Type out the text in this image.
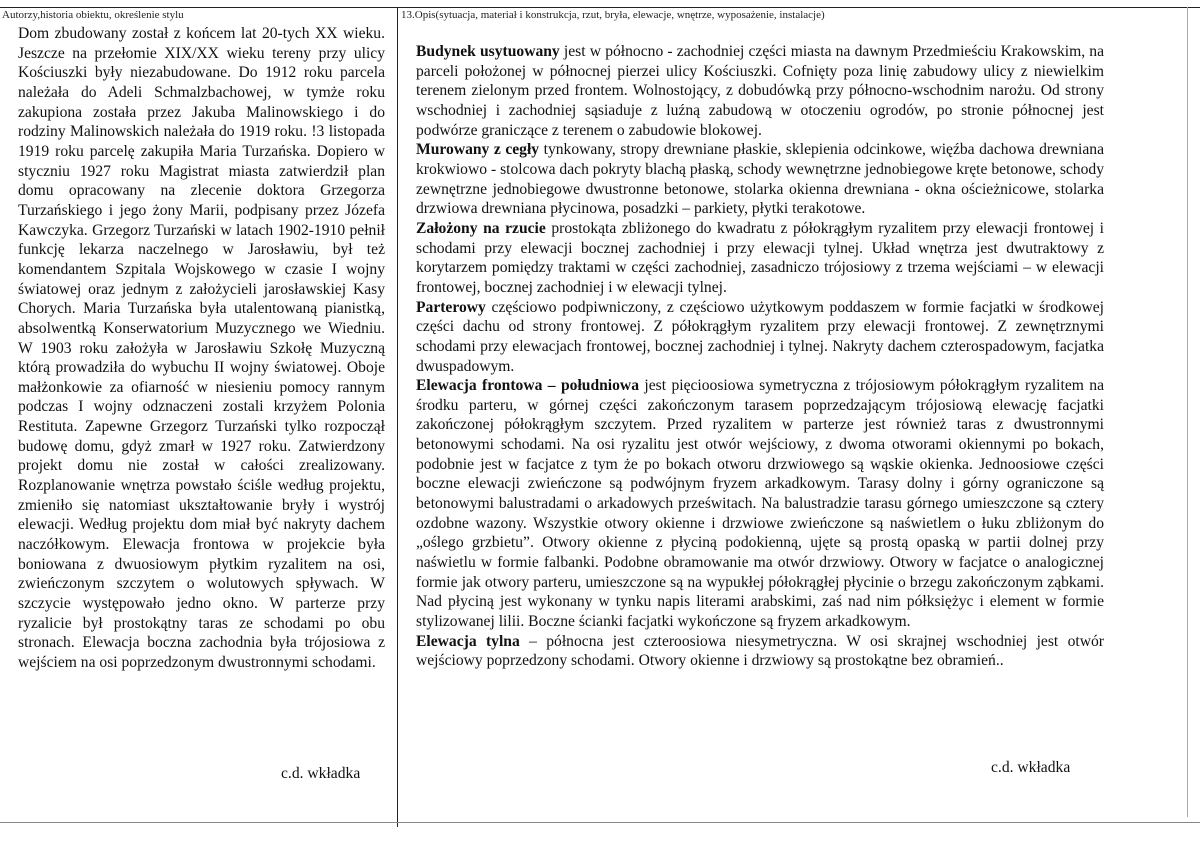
Autorzy,historia obiektu, określenie stylu	13.Opis(sytuacja, materiał i konstrukcja, rzut, bryła, elewacje, wnętrze, wyposażenie, instalacje)

Dom zbudowany został z końcem lat 20-tych XX wieku. Jeszcze na przełomie XIX/XX wieku tereny przy ulicy Kościuszki były niezabudowane. Do 1912 roku parcela należała do Adeli Schmalzbachowej, w tymże roku zakupiona została przez Jakuba Malinowskiego i do rodziny Malinowskich należała do 1919 roku. !3 listopada 1919 roku parcelę zakupiła Maria Turzańska. Dopiero w styczniu 1927 roku Magistrat miasta zatwierdził plan domu opracowany na zlecenie doktora Grzegorza Turzańskiego i jego żony Marii, podpisany przez Józefa Kawczyka. Grzegorz Turzański w latach 1902-1910 pełnił funkcję lekarza naczelnego w Jarosławiu, był też komendantem Szpitala Wojskowego w czasie I wojny światowej oraz jednym z założycieli jarosławskiej Kasy Chorych. Maria Turzańska była utalentowaną pianistką, absolwentką Konserwatorium Muzycznego we Wiedniu. W 1903 roku założyła w Jarosławiu Szkołę Muzyczną którą prowadziła do wybuchu II wojny światowej. Oboje małżonkowie za ofiarność w niesieniu pomocy rannym podczas I wojny odznaczeni zostali krzyżem Polonia Restituta. Zapewne Grzegorz Turzański tylko rozpoczął budowę domu, gdyż zmarł w 1927 roku. Zatwierdzony projekt domu nie został w całości zrealizowany. Rozplanowanie wnętrza powstało ściśle według projektu, zmieniło się natomiast ukształtowanie bryły i wystrój elewacji. Według projektu dom miał być nakryty dachem naczółkowym. Elewacja frontowa w projekcie była boniowana z dwuosiowym płytkim ryzalitem na osi, zwieńczonym szczytem o wolutowych spływach. W szczycie występowało jedno okno. W parterze przy ryzalicie był prostokątny taras ze schodami po obu stronach. Elewacja boczna zachodnia była trójosiowa z wejściem na osi poprzedzonym dwustronnymi schodami.

Budynek usytuowany jest w północno - zachodniej części miasta na dawnym Przedmieściu Krakowskim, na parceli położonej w północnej pierzei ulicy Kościuszki. Cofnięty poza linię zabudowy ulicy z niewielkim terenem zielonym przed frontem. Wolnostojący, z dobudówką przy północno-wschodnim narożu. Od strony wschodniej i zachodniej sąsiaduje z luźną zabudową w otoczeniu ogrodów, po stronie północnej jest podwórze graniczące z terenem o zabudowie blokowej.

Murowany z cegły tynkowany, stropy drewniane płaskie, sklepienia odcinkowe, więźba dachowa drewniana krokwiowo - stolcowa dach pokryty blachą płaską, schody wewnętrzne jednobiegowe kręte betonowe, schody zewnętrzne jednobiegowe dwustronne betonowe, stolarka okienna drewniana - okna ościeżnicowe, stolarka drzwiowa drewniana płycinowa, posadzki – parkiety, płytki terakotowe.

Założony na rzucie prostokąta zbliżonego do kwadratu z półokrągłym ryzalitem przy elewacji frontowej i schodami przy elewacji bocznej zachodniej i przy elewacji tylnej. Układ wnętrza jest dwutraktowy z korytarzem pomiędzy traktami w części zachodniej, zasadniczo trójosiowy z trzema wejściami – w elewacji frontowej, bocznej zachodniej i w elewacji tylnej.

Parterowy częściowo podpiwniczony, z częściowo użytkowym poddaszem w formie facjatki w środkowej części dachu od strony frontowej. Z półokrągłym ryzalitem przy elewacji frontowej. Z zewnętrznymi schodami przy elewacjach frontowej, bocznej zachodniej i tylnej. Nakryty dachem czterospadowym, facjatka dwuspadowym.

Elewacja frontowa – południowa jest pięcioosiowa symetryczna z trójosiowym półokrągłym ryzalitem na środku parteru, w górnej części zakończonym tarasem poprzedzającym trójosiową elewację facjatki zakończonej półokrągłym szczytem. Przed ryzalitem w parterze jest również taras z dwustronnymi betonowymi schodami. Na osi ryzalitu jest otwór wejściowy, z dwoma otworami okiennymi po bokach, podobnie jest w facjatce z tym że po bokach otworu drzwiowego są wąskie okienka. Jednoosiowe części boczne elewacji zwieńczone są podwójnym fryzem arkadkowym. Tarasy dolny i górny ograniczone są betonowymi balustradami o arkadowych prześwitach. Na balustradzie tarasu górnego umieszczone są cztery ozdobne wazony. Wszystkie otwory okienne i drzwiowe zwieńczone są naświetlem o łuku zbliżonym do „oślego grzbietu”. Otwory okienne z płyciną podokienną, ujęte są prostą opaską w partii dolnej przy naświetlu w formie falbanki. Podobne obramowanie ma otwór drzwiowy. Otwory w facjatce o analogicznej formie jak otwory parteru, umieszczone są na wypukłej półokrągłej płycinie o brzegu zakończonym ząbkami. Nad płyciną jest wykonany w tynku napis literami arabskimi, zaś nad nim półksiężyc i element w formie stylizowanej lilii. Boczne ścianki facjatki wykończone są fryzem arkadkowym.

Elewacja tylna – północna jest czteroosiowa niesymetryczna. W osi skrajnej wschodniej jest otwór wejściowy poprzedzony schodami. Otwory okienne i drzwiowy są prostokątne bez obramień..

c.d. wkładka	c.d. wkładka
